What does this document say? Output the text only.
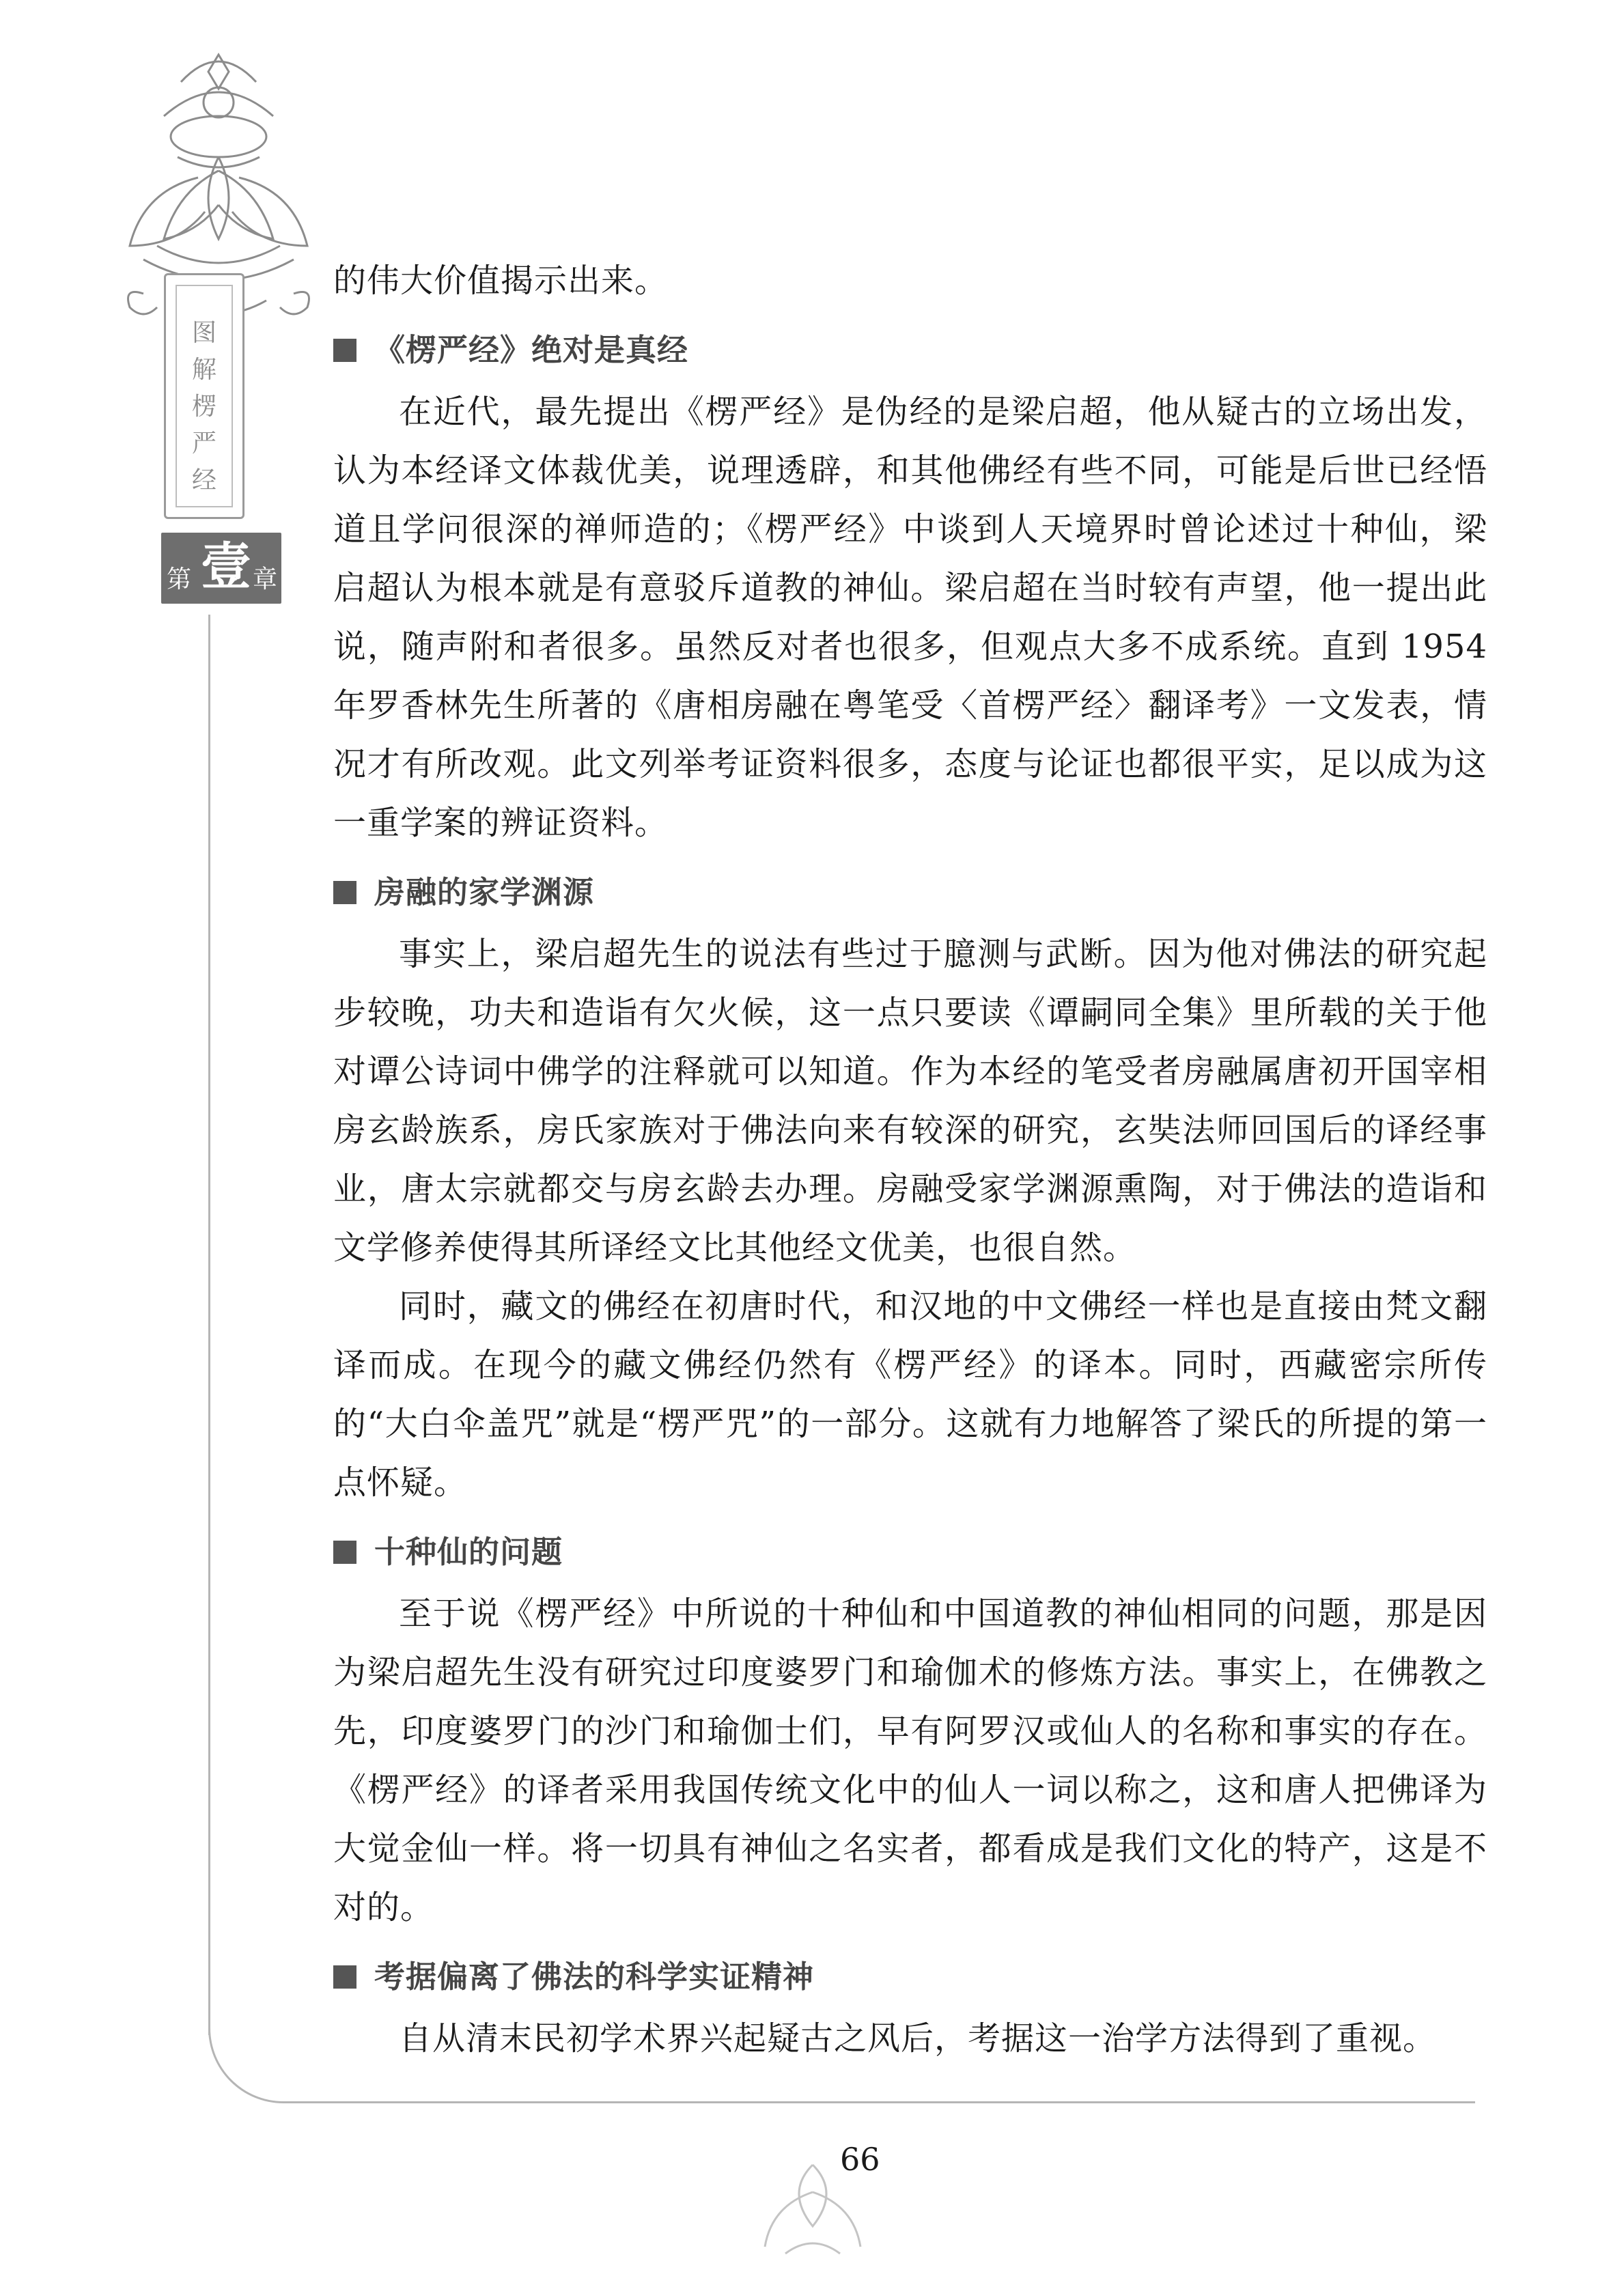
图
解
楞
严
经
第 壹 章

的伟大价值揭示出来。

《楞严经》绝对是真经

在近代，最先提出《楞严经》是伪经的是梁启超，他从疑古的立场出发，认为本经译文体裁优美，说理透辟，和其他佛经有些不同，可能是后世已经悟道且学问很深的禅师造的；《楞严经》中谈到人天境界时曾论述过十种仙，梁启超认为根本就是有意驳斥道教的神仙。梁启超在当时较有声望，他一提出此说，随声附和者很多。虽然反对者也很多，但观点大多不成系统。直到 1954 年罗香林先生所著的《唐相房融在粤笔受〈首楞严经〉翻译考》一文发表，情况才有所改观。此文列举考证资料很多，态度与论证也都很平实，足以成为这一重学案的辨证资料。

房融的家学渊源

事实上，梁启超先生的说法有些过于臆测与武断。因为他对佛法的研究起步较晚，功夫和造诣有欠火候，这一点只要读《谭嗣同全集》里所载的关于他对谭公诗词中佛学的注释就可以知道。作为本经的笔受者房融属唐初开国宰相房玄龄族系，房氏家族对于佛法向来有较深的研究，玄奘法师回国后的译经事业，唐太宗就都交与房玄龄去办理。房融受家学渊源熏陶，对于佛法的造诣和文学修养使得其所译经文比其他经文优美，也很自然。

同时，藏文的佛经在初唐时代，和汉地的中文佛经一样也是直接由梵文翻译而成。在现今的藏文佛经仍然有《楞严经》的译本。同时，西藏密宗所传的“大白伞盖咒”就是“楞严咒”的一部分。这就有力地解答了梁氏的所提的第一点怀疑。

十种仙的问题

至于说《楞严经》中所说的十种仙和中国道教的神仙相同的问题，那是因为梁启超先生没有研究过印度婆罗门和瑜伽术的修炼方法。事实上，在佛教之先，印度婆罗门的沙门和瑜伽士们，早有阿罗汉或仙人的名称和事实的存在。《楞严经》的译者采用我国传统文化中的仙人一词以称之，这和唐人把佛译为大觉金仙一样。将一切具有神仙之名实者，都看成是我们文化的特产，这是不对的。

考据偏离了佛法的科学实证精神

自从清末民初学术界兴起疑古之风后，考据这一治学方法得到了重视。

66
